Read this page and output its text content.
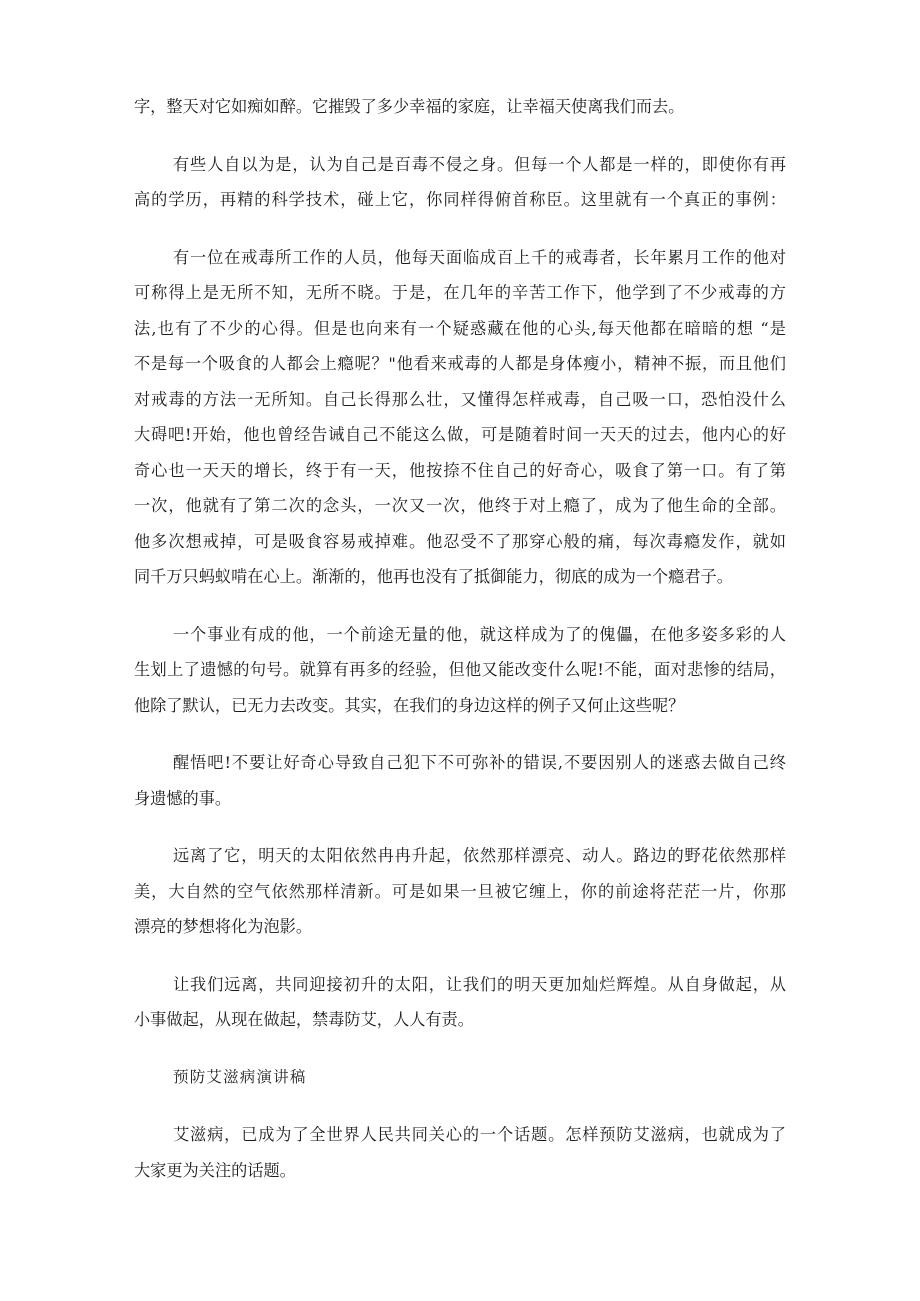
字，整天对它如痴如醉。它摧毁了多少幸福的家庭，让幸福天使离我们而去。
有些人自以为是，认为自己是百毒不侵之身。但每一个人都是一样的，即使你有再
高的学历，再精的科学技术，碰上它，你同样得俯首称臣。这里就有一个真正的事例：
有一位在戒毒所工作的人员，他每天面临成百上千的戒毒者，长年累月工作的他对
可称得上是无所不知，无所不晓。于是，在几年的辛苦工作下，他学到了不少戒毒的方
法,也有了不少的心得。但是也向来有一个疑惑藏在他的心头,每天他都在暗暗的想 “是
不是每一个吸食的人都会上瘾呢？"他看来戒毒的人都是身体瘦小，精神不振，而且他们
对戒毒的方法一无所知。自己长得那么壮，又懂得怎样戒毒，自己吸一口，恐怕没什么
大碍吧!开始，他也曾经告诫自己不能这么做，可是随着时间一天天的过去，他内心的好
奇心也一天天的增长，终于有一天，他按捺不住自己的好奇心，吸食了第一口。有了第
一次，他就有了第二次的念头，一次又一次，他终于对上瘾了，成为了他生命的全部。
他多次想戒掉，可是吸食容易戒掉难。他忍受不了那穿心般的痛，每次毒瘾发作，就如
同千万只蚂蚁啃在心上。渐渐的，他再也没有了抵御能力，彻底的成为一个瘾君子。
一个事业有成的他，一个前途无量的他，就这样成为了的傀儡，在他多姿多彩的人
生划上了遗憾的句号。就算有再多的经验，但他又能改变什么呢!不能，面对悲惨的结局，
他除了默认，已无力去改变。其实，在我们的身边这样的例子又何止这些呢？
醒悟吧!不要让好奇心导致自己犯下不可弥补的错误,不要因别人的迷惑去做自己终
身遗憾的事。
远离了它，明天的太阳依然冉冉升起，依然那样漂亮、动人。路边的野花依然那样
美，大自然的空气依然那样清新。可是如果一旦被它缠上，你的前途将茫茫一片，你那
漂亮的梦想将化为泡影。
让我们远离，共同迎接初升的太阳，让我们的明天更加灿烂辉煌。从自身做起，从
小事做起，从现在做起，禁毒防艾，人人有责。
预防艾滋病演讲稿
艾滋病，已成为了全世界人民共同关心的一个话题。怎样预防艾滋病，也就成为了
大家更为关注的话题。
